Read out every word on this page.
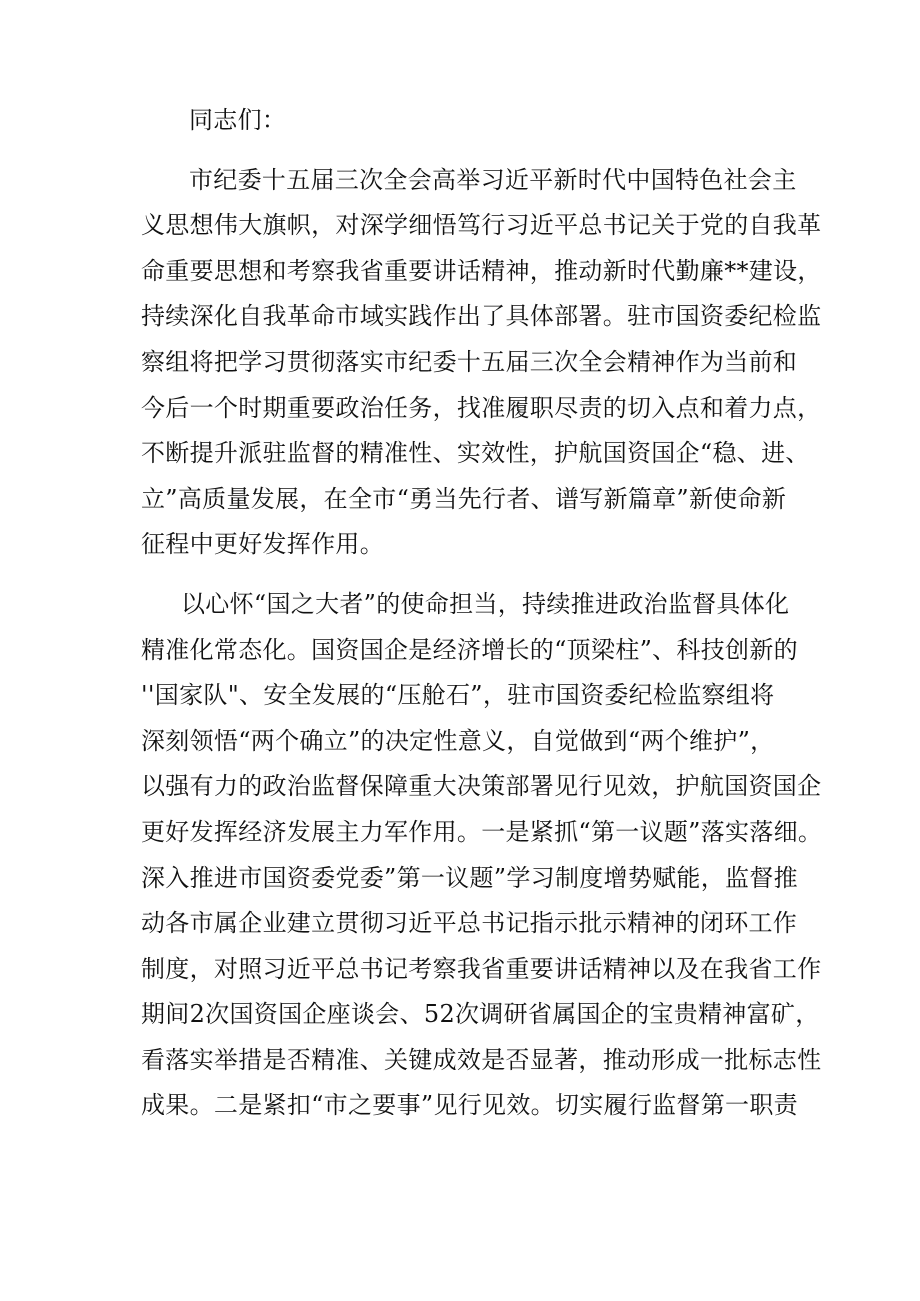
同志们：
市纪委十五届三次全会高举习近平新时代中国特色社会主
义思想伟大旗帜，对深学细悟笃行习近平总书记关于党的自我革
命重要思想和考察我省重要讲话精神，推动新时代勤廉**建设，
持续深化自我革命市域实践作出了具体部署。驻市国资委纪检监
察组将把学习贯彻落实市纪委十五届三次全会精神作为当前和
今后一个时期重要政治任务，找准履职尽责的切入点和着力点，
不断提升派驻监督的精准性、实效性，护航国资国企“稳、进、
立”高质量发展，在全市“勇当先行者、谱写新篇章”新使命新
征程中更好发挥作用。
以心怀“国之大者”的使命担当，持续推进政治监督具体化
精准化常态化。国资国企是经济增长的“顶梁柱”、科技创新的
''国家队"、安全发展的“压舱石”，驻市国资委纪检监察组将
深刻领悟“两个确立”的决定性意义，自觉做到“两个维护”，
以强有力的政治监督保障重大决策部署见行见效，护航国资国企
更好发挥经济发展主力军作用。一是紧抓“第一议题”落实落细。
深入推进市国资委党委”第一议题”学习制度增势赋能，监督推
动各市属企业建立贯彻习近平总书记指示批示精神的闭环工作
制度，对照习近平总书记考察我省重要讲话精神以及在我省工作
期间2次国资国企座谈会、52次调研省属国企的宝贵精神富矿，
看落实举措是否精准、关键成效是否显著，推动形成一批标志性
成果。二是紧扣“市之要事”见行见效。切实履行监督第一职责
